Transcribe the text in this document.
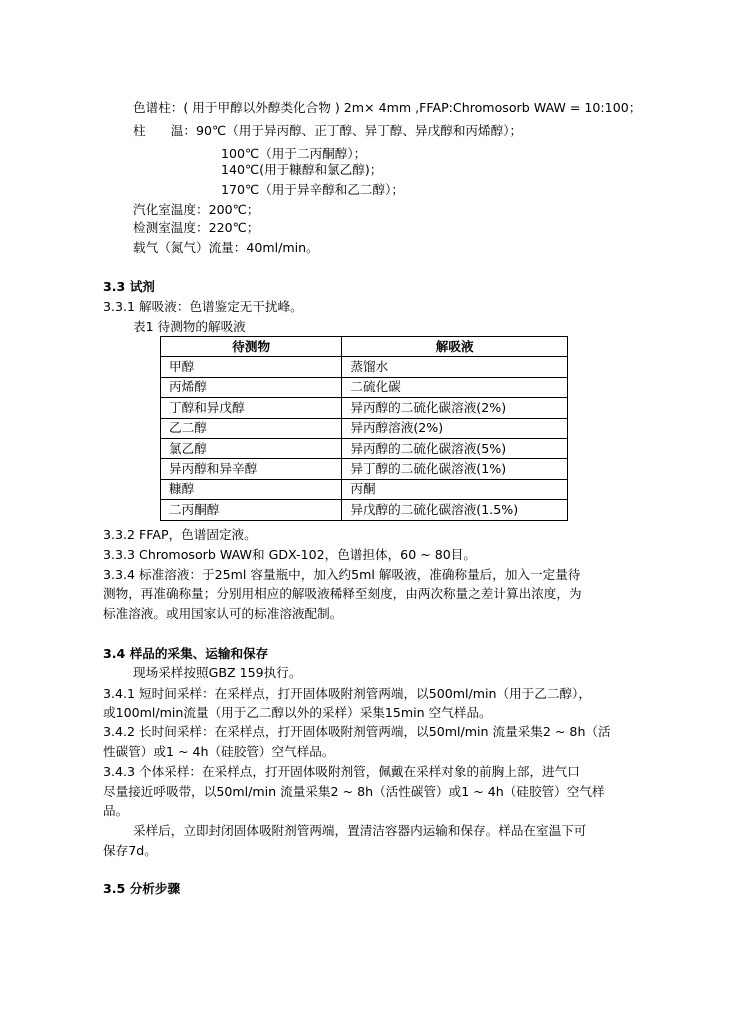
色谱柱：( 用于甲醇以外醇类化合物 ) 2m× 4mm ,FFAP:Chromosorb WAW = 10:100；
柱　　温：90℃（用于异丙醇、正丁醇、异丁醇、异戊醇和丙烯醇）；
100℃（用于二丙酮醇）；
140℃(用于糠醇和氯乙醇)；
170℃（用于异辛醇和乙二醇）；
汽化室温度：200℃；
检测室温度：220℃；
载气（氮气）流量：40ml/min。
3.3 试剂
3.3.1 解吸液：色谱鉴定无干扰峰。
表1 待测物的解吸液
待测物	解吸液
甲醇	蒸馏水
丙烯醇	二硫化碳
丁醇和异戊醇	异丙醇的二硫化碳溶液(2%)
乙二醇	异丙醇溶液(2%)
氯乙醇	异丙醇的二硫化碳溶液(5%)
异丙醇和异辛醇	异丁醇的二硫化碳溶液(1%)
糠醇	丙酮
二丙酮醇	异戊醇的二硫化碳溶液(1.5%)
3.3.2 FFAP，色谱固定液。
3.3.3 Chromosorb WAW和 GDX-102，色谱担体，60 ~ 80目。
3.3.4 标准溶液：于25ml 容量瓶中，加入约5ml 解吸液，准确称量后，加入一定量待
测物，再准确称量；分别用相应的解吸液稀释至刻度，由两次称量之差计算出浓度，为
标准溶液。或用国家认可的标准溶液配制。
3.4 样品的采集、运输和保存
现场采样按照GBZ 159执行。
3.4.1 短时间采样：在采样点，打开固体吸附剂管两端，以500ml/min（用于乙二醇），
或100ml/min流量（用于乙二醇以外的采样）采集15min 空气样品。
3.4.2 长时间采样：在采样点，打开固体吸附剂管两端，以50ml/min 流量采集2 ~ 8h（活
性碳管）或1 ~ 4h（硅胶管）空气样品。
3.4.3 个体采样：在采样点，打开固体吸附剂管，佩戴在采样对象的前胸上部，进气口
尽量接近呼吸带，以50ml/min 流量采集2 ~ 8h（活性碳管）或1 ~ 4h（硅胶管）空气样
品。
采样后，立即封闭固体吸附剂管两端，置清洁容器内运输和保存。样品在室温下可
保存7d。
3.5 分析步骤
